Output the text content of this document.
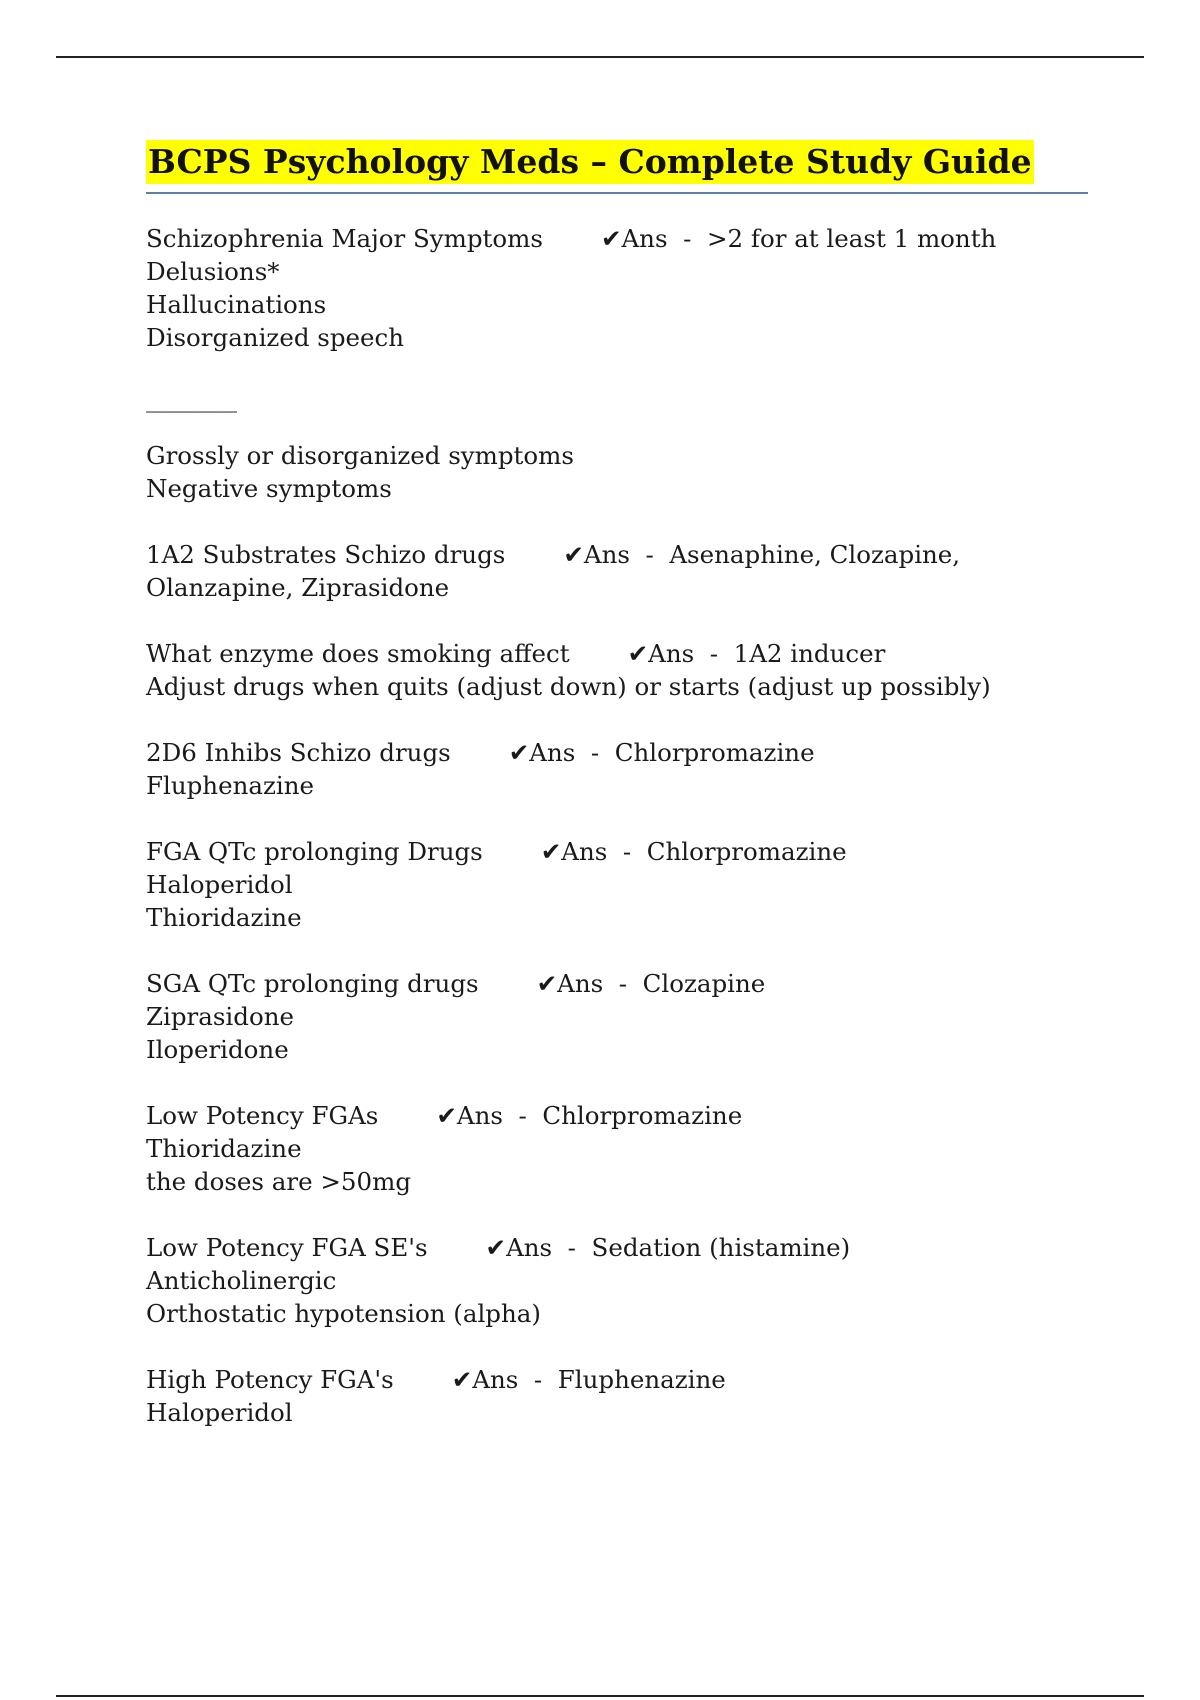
BCPS Psychology Meds – Complete Study Guide
Schizophrenia Major Symptoms ✔Ans  -  >2 for at least 1 month
Delusions*
Hallucinations
Disorganized speech
________
Grossly or disorganized symptoms
Negative symptoms
1A2 Substrates Schizo drugs ✔Ans  -  Asenaphine, Clozapine,
Olanzapine, Ziprasidone
What enzyme does smoking affect ✔Ans  -  1A2 inducer
Adjust drugs when quits (adjust down) or starts (adjust up possibly)
2D6 Inhibs Schizo drugs ✔Ans  -  Chlorpromazine
Fluphenazine
FGA QTc prolonging Drugs ✔Ans  -  Chlorpromazine
Haloperidol
Thioridazine
SGA QTc prolonging drugs ✔Ans  -  Clozapine
Ziprasidone
Iloperidone
Low Potency FGAs ✔Ans  -  Chlorpromazine
Thioridazine
the doses are >50mg
Low Potency FGA SE's ✔Ans  -  Sedation (histamine)
Anticholinergic
Orthostatic hypotension (alpha)
High Potency FGA's ✔Ans  -  Fluphenazine
Haloperidol
